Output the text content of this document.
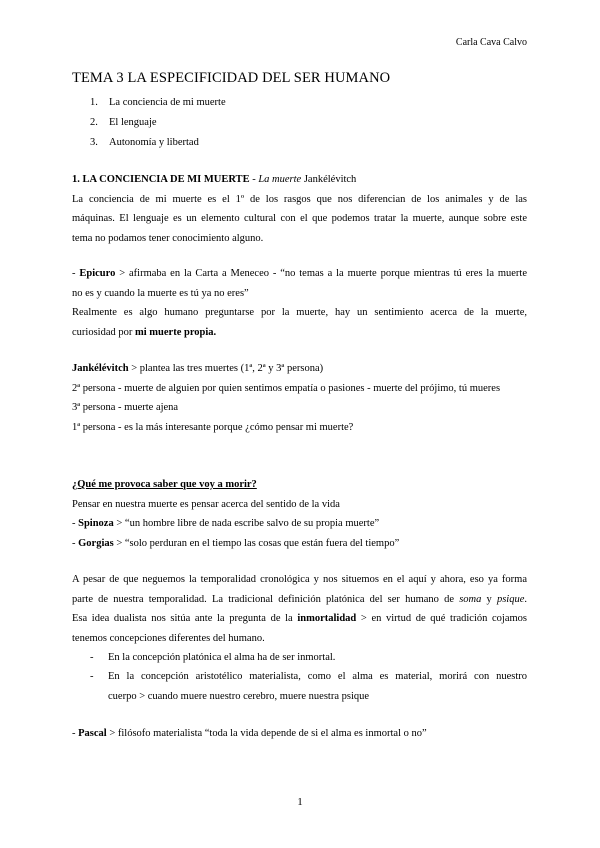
Carla Cava Calvo
TEMA 3 LA ESPECIFICIDAD DEL SER HUMANO
1. La conciencia de mi muerte
2. El lenguaje
3. Autonomía y libertad
1. LA CONCIENCIA DE MI MUERTE - La muerte Jankélévitch
La conciencia de mi muerte es el 1º de los rasgos que nos diferencian de los animales y de las
máquinas. El lenguaje es un elemento cultural con el que podemos tratar la muerte, aunque sobre este
tema no podamos tener conocimiento alguno.
- Epicuro > afirmaba en la Carta a Meneceo - “no temas a la muerte porque mientras tú eres la muerte
no es y cuando la muerte es tú ya no eres”
Realmente es algo humano preguntarse por la muerte, hay un sentimiento acerca de la muerte,
curiosidad por mi muerte propia.
Jankélévitch > plantea las tres muertes (1ª, 2ª y 3ª persona)
2ª persona - muerte de alguien por quien sentimos empatía o pasiones - muerte del prójimo, tú mueres
3ª persona - muerte ajena
1ª persona - es la más interesante porque ¿cómo pensar mi muerte?
¿Qué me provoca saber que voy a morir?
Pensar en nuestra muerte es pensar acerca del sentido de la vida
- Spinoza > “un hombre libre de nada escribe salvo de su propia muerte”
- Gorgias > “solo perduran en el tiempo las cosas que están fuera del tiempo”
A pesar de que neguemos la temporalidad cronológica y nos situemos en el aquí y ahora, eso ya forma
parte de nuestra temporalidad. La tradicional definición platónica del ser humano de soma y psique.
Esa idea dualista nos sitúa ante la pregunta de la inmortalidad > en virtud de qué tradición cojamos
tenemos concepciones diferentes del humano.
-	En la concepción platónica el alma ha de ser inmortal.
-	En la concepción aristotélico materialista, como el alma es material, morirá con nuestro
cuerpo > cuando muere nuestro cerebro, muere nuestra psique
- Pascal > filósofo materialista “toda la vida depende de si el alma es inmortal o no”
1
